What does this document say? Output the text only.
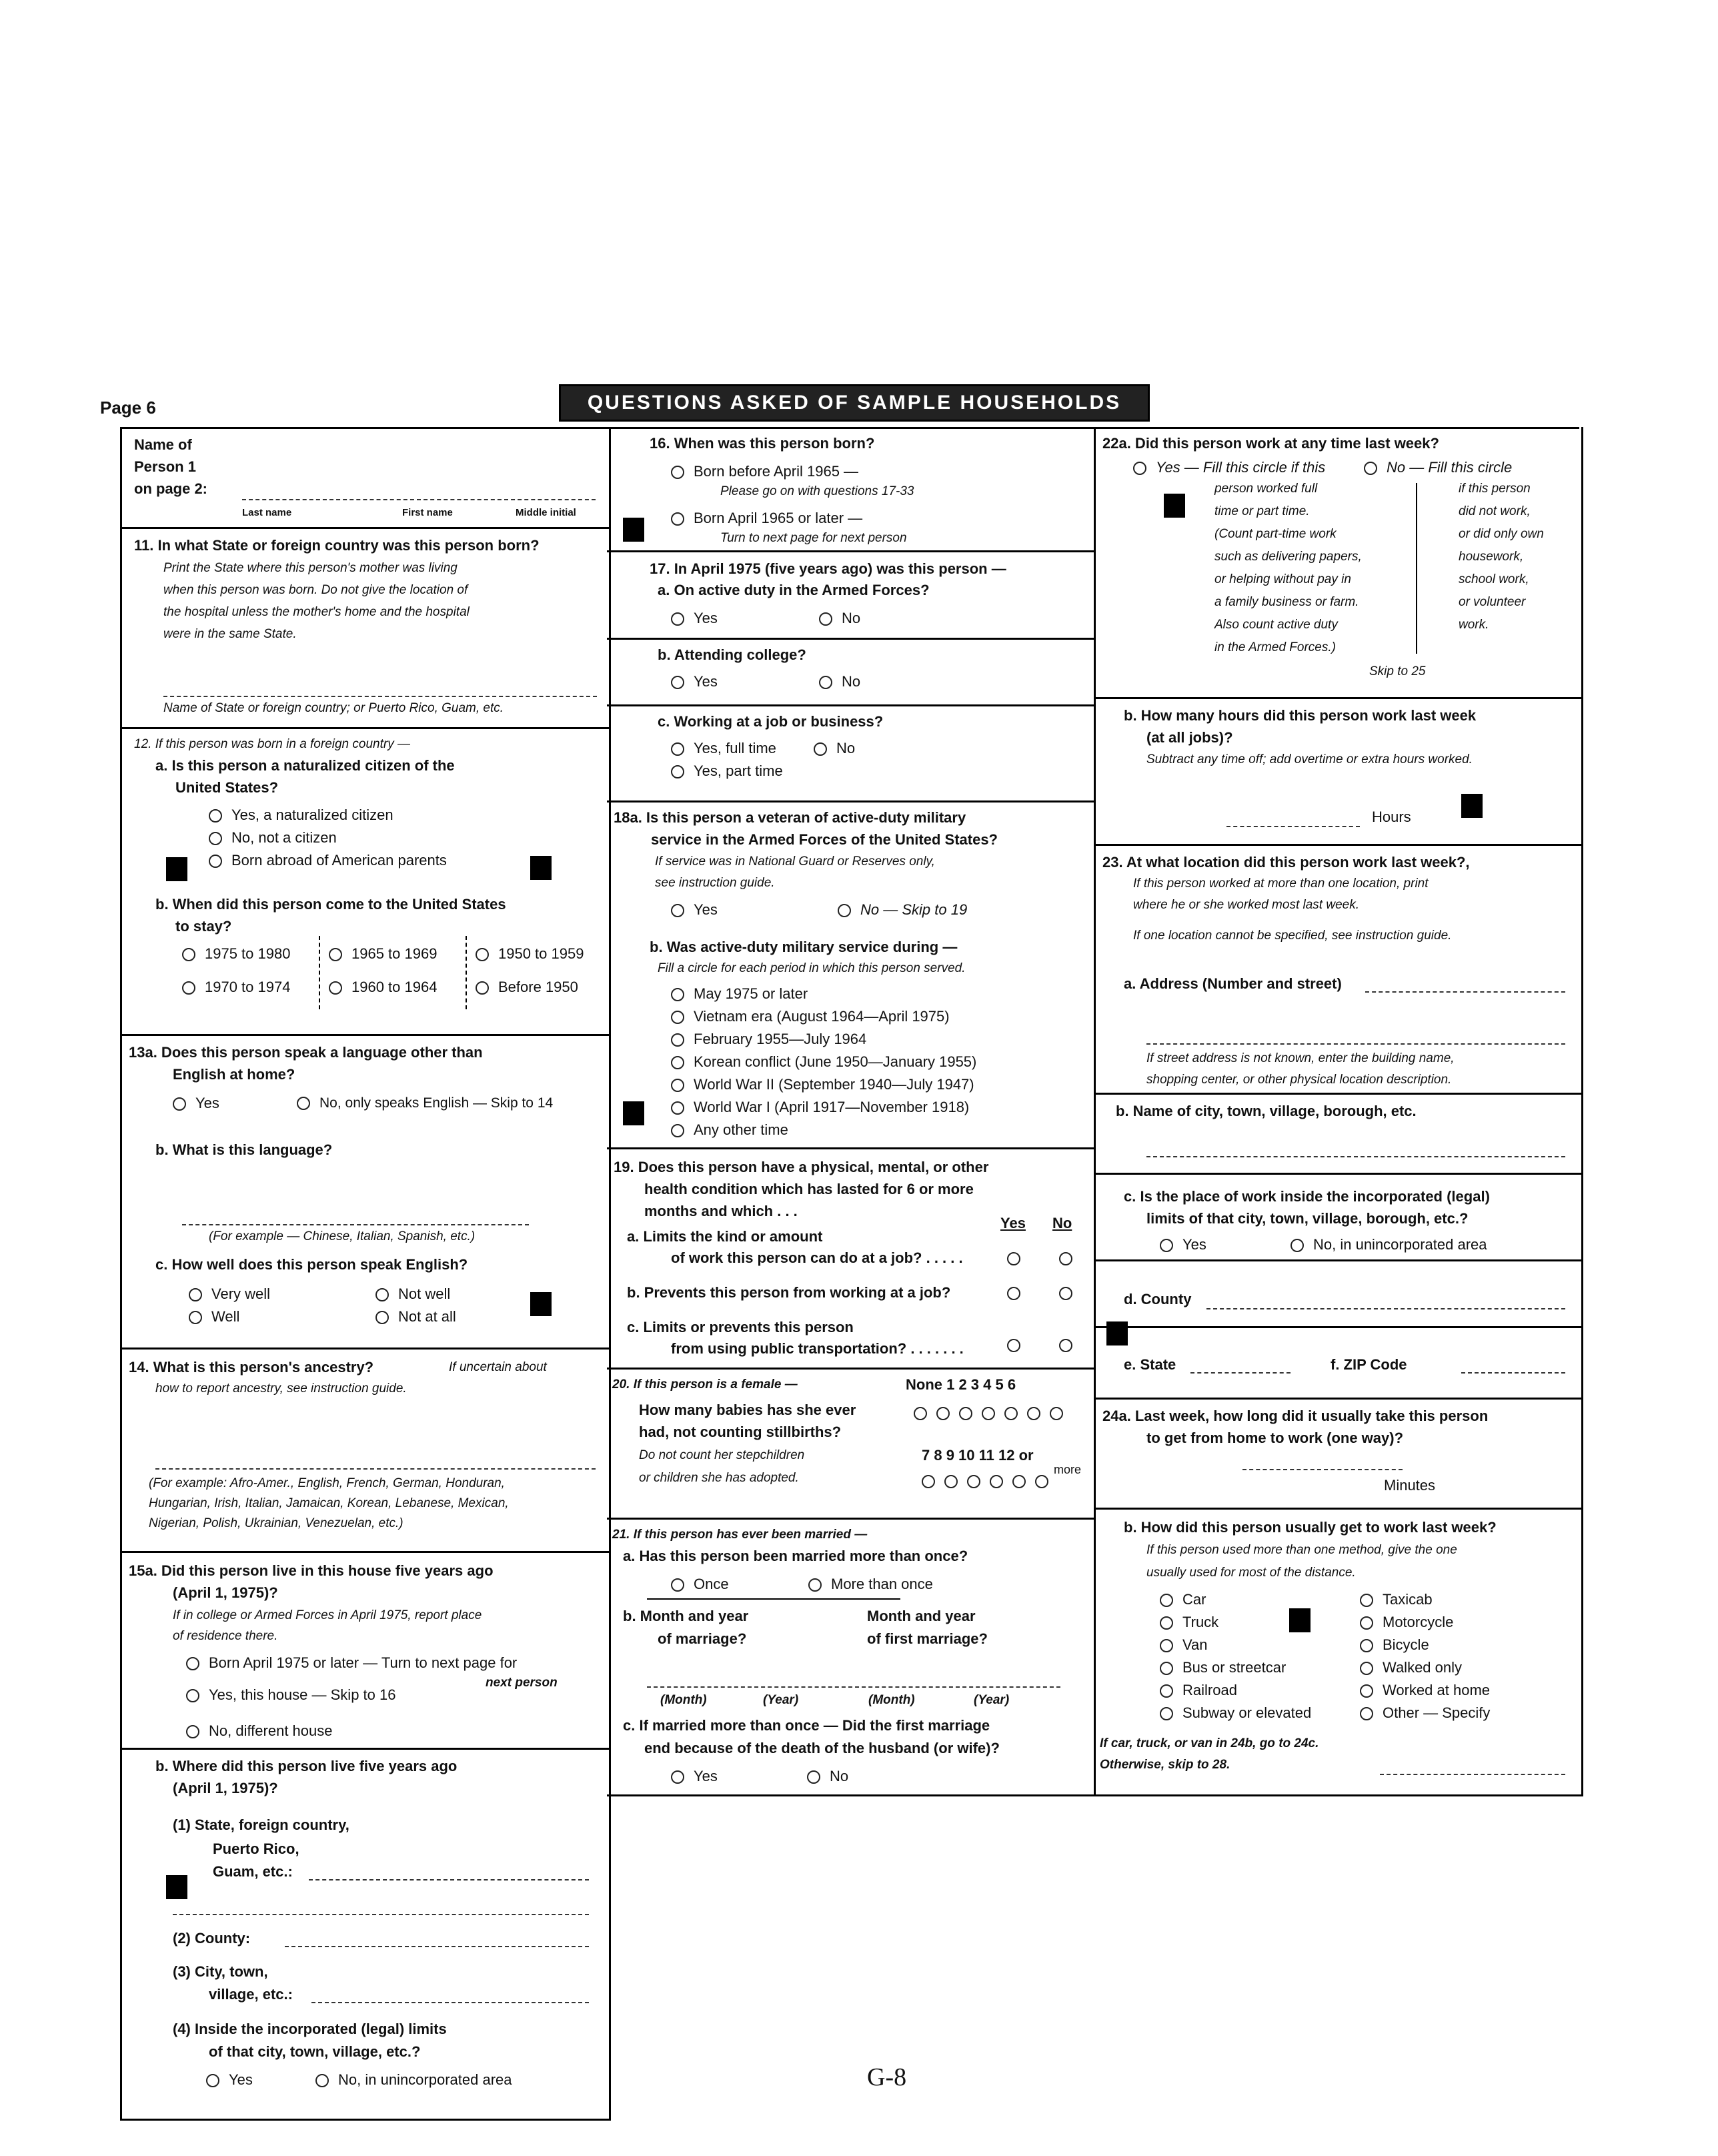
Page 6	QUESTIONS ASKED OF SAMPLE HOUSEHOLDS
Name of
Person 1
on page 2:
Last name	First name	Middle initial
11. In what State or foreign country was this person born?
Print the State where this person's mother was living
when this person was born. Do not give the location of
the hospital unless the mother's home and the hospital
were in the same State.
Name of State or foreign country; or Puerto Rico, Guam, etc.
12. If this person was born in a foreign country —
a. Is this person a naturalized citizen of the
United States?
Yes, a naturalized citizen
No, not a citizen
Born abroad of American parents
b. When did this person come to the United States
to stay?
1975 to 1980	1965 to 1969	1950 to 1959
1970 to 1974	1960 to 1964	Before 1950
13a. Does this person speak a language other than
English at home?
Yes	No, only speaks English — Skip to 14
b. What is this language?
(For example — Chinese, Italian, Spanish, etc.)
c. How well does this person speak English?
Very well	Not well
Well	Not at all
14. What is this person's ancestry?	If uncertain about
how to report ancestry, see instruction guide.
(For example: Afro-Amer., English, French, German, Honduran,
Hungarian, Irish, Italian, Jamaican, Korean, Lebanese, Mexican,
Nigerian, Polish, Ukrainian, Venezuelan, etc.)
15a. Did this person live in this house five years ago
(April 1, 1975)?
If in college or Armed Forces in April 1975, report place
of residence there.
Born April 1975 or later — Turn to next page for
next person
Yes, this house — Skip to 16
No, different house
b. Where did this person live five years ago
(April 1, 1975)?
(1) State, foreign country,
Puerto Rico,
Guam, etc.:
(2) County:
(3) City, town,
village, etc.:
(4) Inside the incorporated (legal) limits
of that city, town, village, etc.?
Yes	No, in unincorporated area
16. When was this person born?
Born before April 1965 —
Please go on with questions 17-33
Born April 1965 or later —
Turn to next page for next person
17. In April 1975 (five years ago) was this person —
a. On active duty in the Armed Forces?
Yes	No
b. Attending college?
Yes	No
c. Working at a job or business?
Yes, full time	No
Yes, part time
18a. Is this person a veteran of active-duty military
service in the Armed Forces of the United States?
If service was in National Guard or Reserves only,
see instruction guide.
Yes	No — Skip to 19
b. Was active-duty military service during —
Fill a circle for each period in which this person served.
May 1975 or later
Vietnam era (August 1964—April 1975)
February 1955—July 1964
Korean conflict (June 1950—January 1955)
World War II (September 1940—July 1947)
World War I (April 1917—November 1918)
Any other time
19. Does this person have a physical, mental, or other
health condition which has lasted for 6 or more
months and which . . .
Yes No
a. Limits the kind or amount
of work this person can do at a job? . . . . .
b. Prevents this person from working at a job?
c. Limits or prevents this person
from using public transportation? . . . . . . .
20. If this person is a female —	None 1 2 3 4 5 6
How many babies has she ever
had, not counting stillbirths?
Do not count her stepchildren
or children she has adopted.
7 8 9 10 11 12 or
more
21. If this person has ever been married —
a. Has this person been married more than once?
Once	More than once
b. Month and year
of marriage?
Month and year
of first marriage?
(Month)	(Year)	(Month)	(Year)
c. If married more than once — Did the first marriage
end because of the death of the husband (or wife)?
Yes	No
22a. Did this person work at any time last week?
Yes — Fill this circle if this
person worked full
time or part time.
(Count part-time work
such as delivering papers,
or helping without pay in
a family business or farm.
Also count active duty
in the Armed Forces.)
No — Fill this circle
if this person
did not work,
or did only own
housework,
school work,
or volunteer
work.
Skip to 25
b. How many hours did this person work last week
(at all jobs)?
Subtract any time off; add overtime or extra hours worked.
Hours
23. At what location did this person work last week?,
If this person worked at more than one location, print
where he or she worked most last week.
If one location cannot be specified, see instruction guide.
a. Address (Number and street)
If street address is not known, enter the building name,
shopping center, or other physical location description.
b. Name of city, town, village, borough, etc.
c. Is the place of work inside the incorporated (legal)
limits of that city, town, village, borough, etc.?
Yes	No, in unincorporated area
d. County
e. State	f. ZIP Code
24a. Last week, how long did it usually take this person
to get from home to work (one way)?
Minutes
b. How did this person usually get to work last week?
If this person used more than one method, give the one
usually used for most of the distance.
Car
Truck
Van
Bus or streetcar
Railroad
Subway or elevated
Taxicab
Motorcycle
Bicycle
Walked only
Worked at home
Other — Specify
If car, truck, or van in 24b, go to 24c.
Otherwise, skip to 28.
G-8
